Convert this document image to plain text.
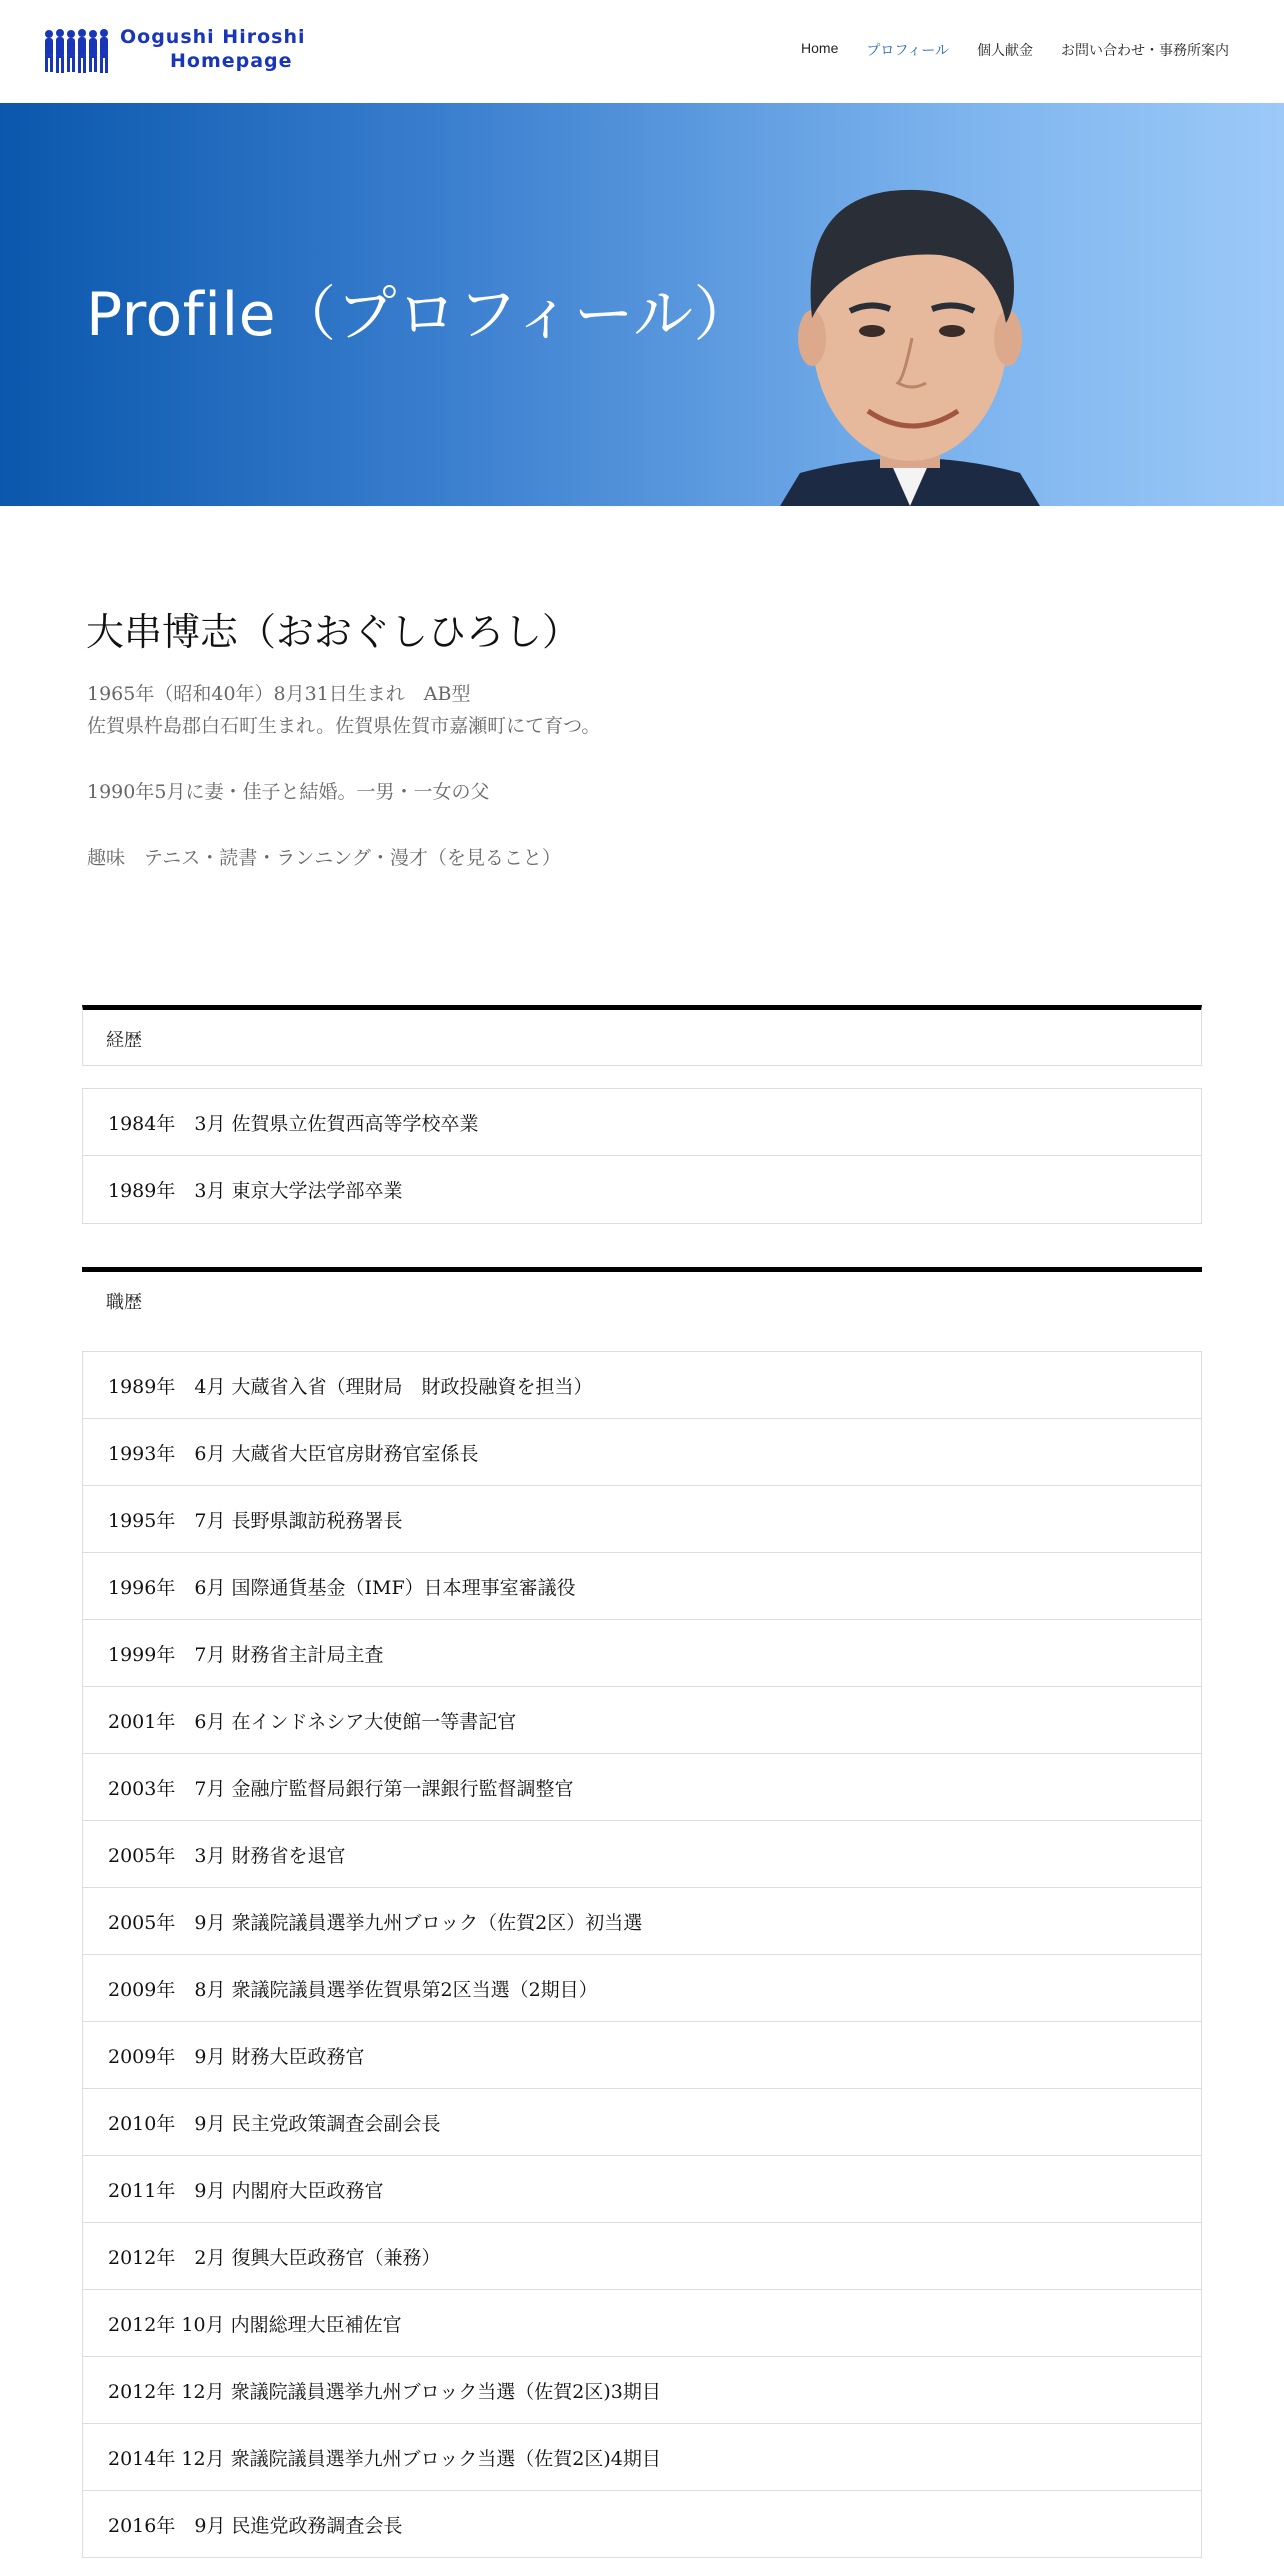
Oogushi Hiroshi
Homepage
Home プロフィール 個人献金 お問い合わせ・事務所案内
Profile（プロフィール）
大串博志（おおぐしひろし）
1965年（昭和40年）8月31日生まれ　AB型
佐賀県杵島郡白石町生まれ。佐賀県佐賀市嘉瀬町にて育つ。
1990年5月に妻・佳子と結婚。一男・一女の父
趣味　テニス・読書・ランニング・漫才（を見ること）
経歴
1984年　3月 佐賀県立佐賀西高等学校卒業
1989年　3月 東京大学法学部卒業
職歴
1989年　4月 大蔵省入省（理財局　財政投融資を担当）
1993年　6月 大蔵省大臣官房財務官室係長
1995年　7月 長野県諏訪税務署長
1996年　6月 国際通貨基金（IMF）日本理事室審議役
1999年　7月 財務省主計局主査
2001年　6月 在インドネシア大使館一等書記官
2003年　7月 金融庁監督局銀行第一課銀行監督調整官
2005年　3月 財務省を退官
2005年　9月 衆議院議員選挙九州ブロック（佐賀2区）初当選
2009年　8月 衆議院議員選挙佐賀県第2区当選（2期目）
2009年　9月 財務大臣政務官
2010年　9月 民主党政策調査会副会長
2011年　9月 内閣府大臣政務官
2012年　2月 復興大臣政務官（兼務）
2012年 10月 内閣総理大臣補佐官
2012年 12月 衆議院議員選挙九州ブロック当選（佐賀2区)3期目
2014年 12月 衆議院議員選挙九州ブロック当選（佐賀2区)4期目
2016年　9月 民進党政務調査会長
